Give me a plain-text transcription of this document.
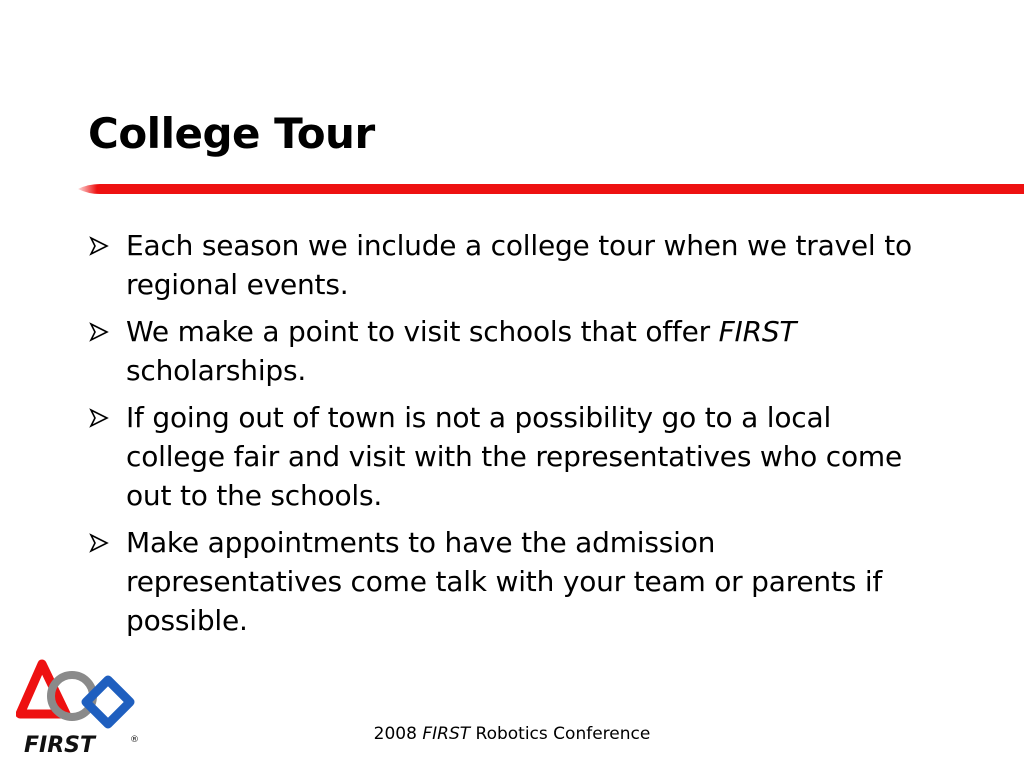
College Tour
Each season we include a college tour when we travel to regional events.
We make a point to visit schools that offer FIRST scholarships.
If going out of town is not a possibility go to a local college fair and visit with the representatives who come out to the schools.
Make appointments to have the admission representatives come talk with your team or parents if possible.
FIRST	®	2008 FIRST Robotics Conference
